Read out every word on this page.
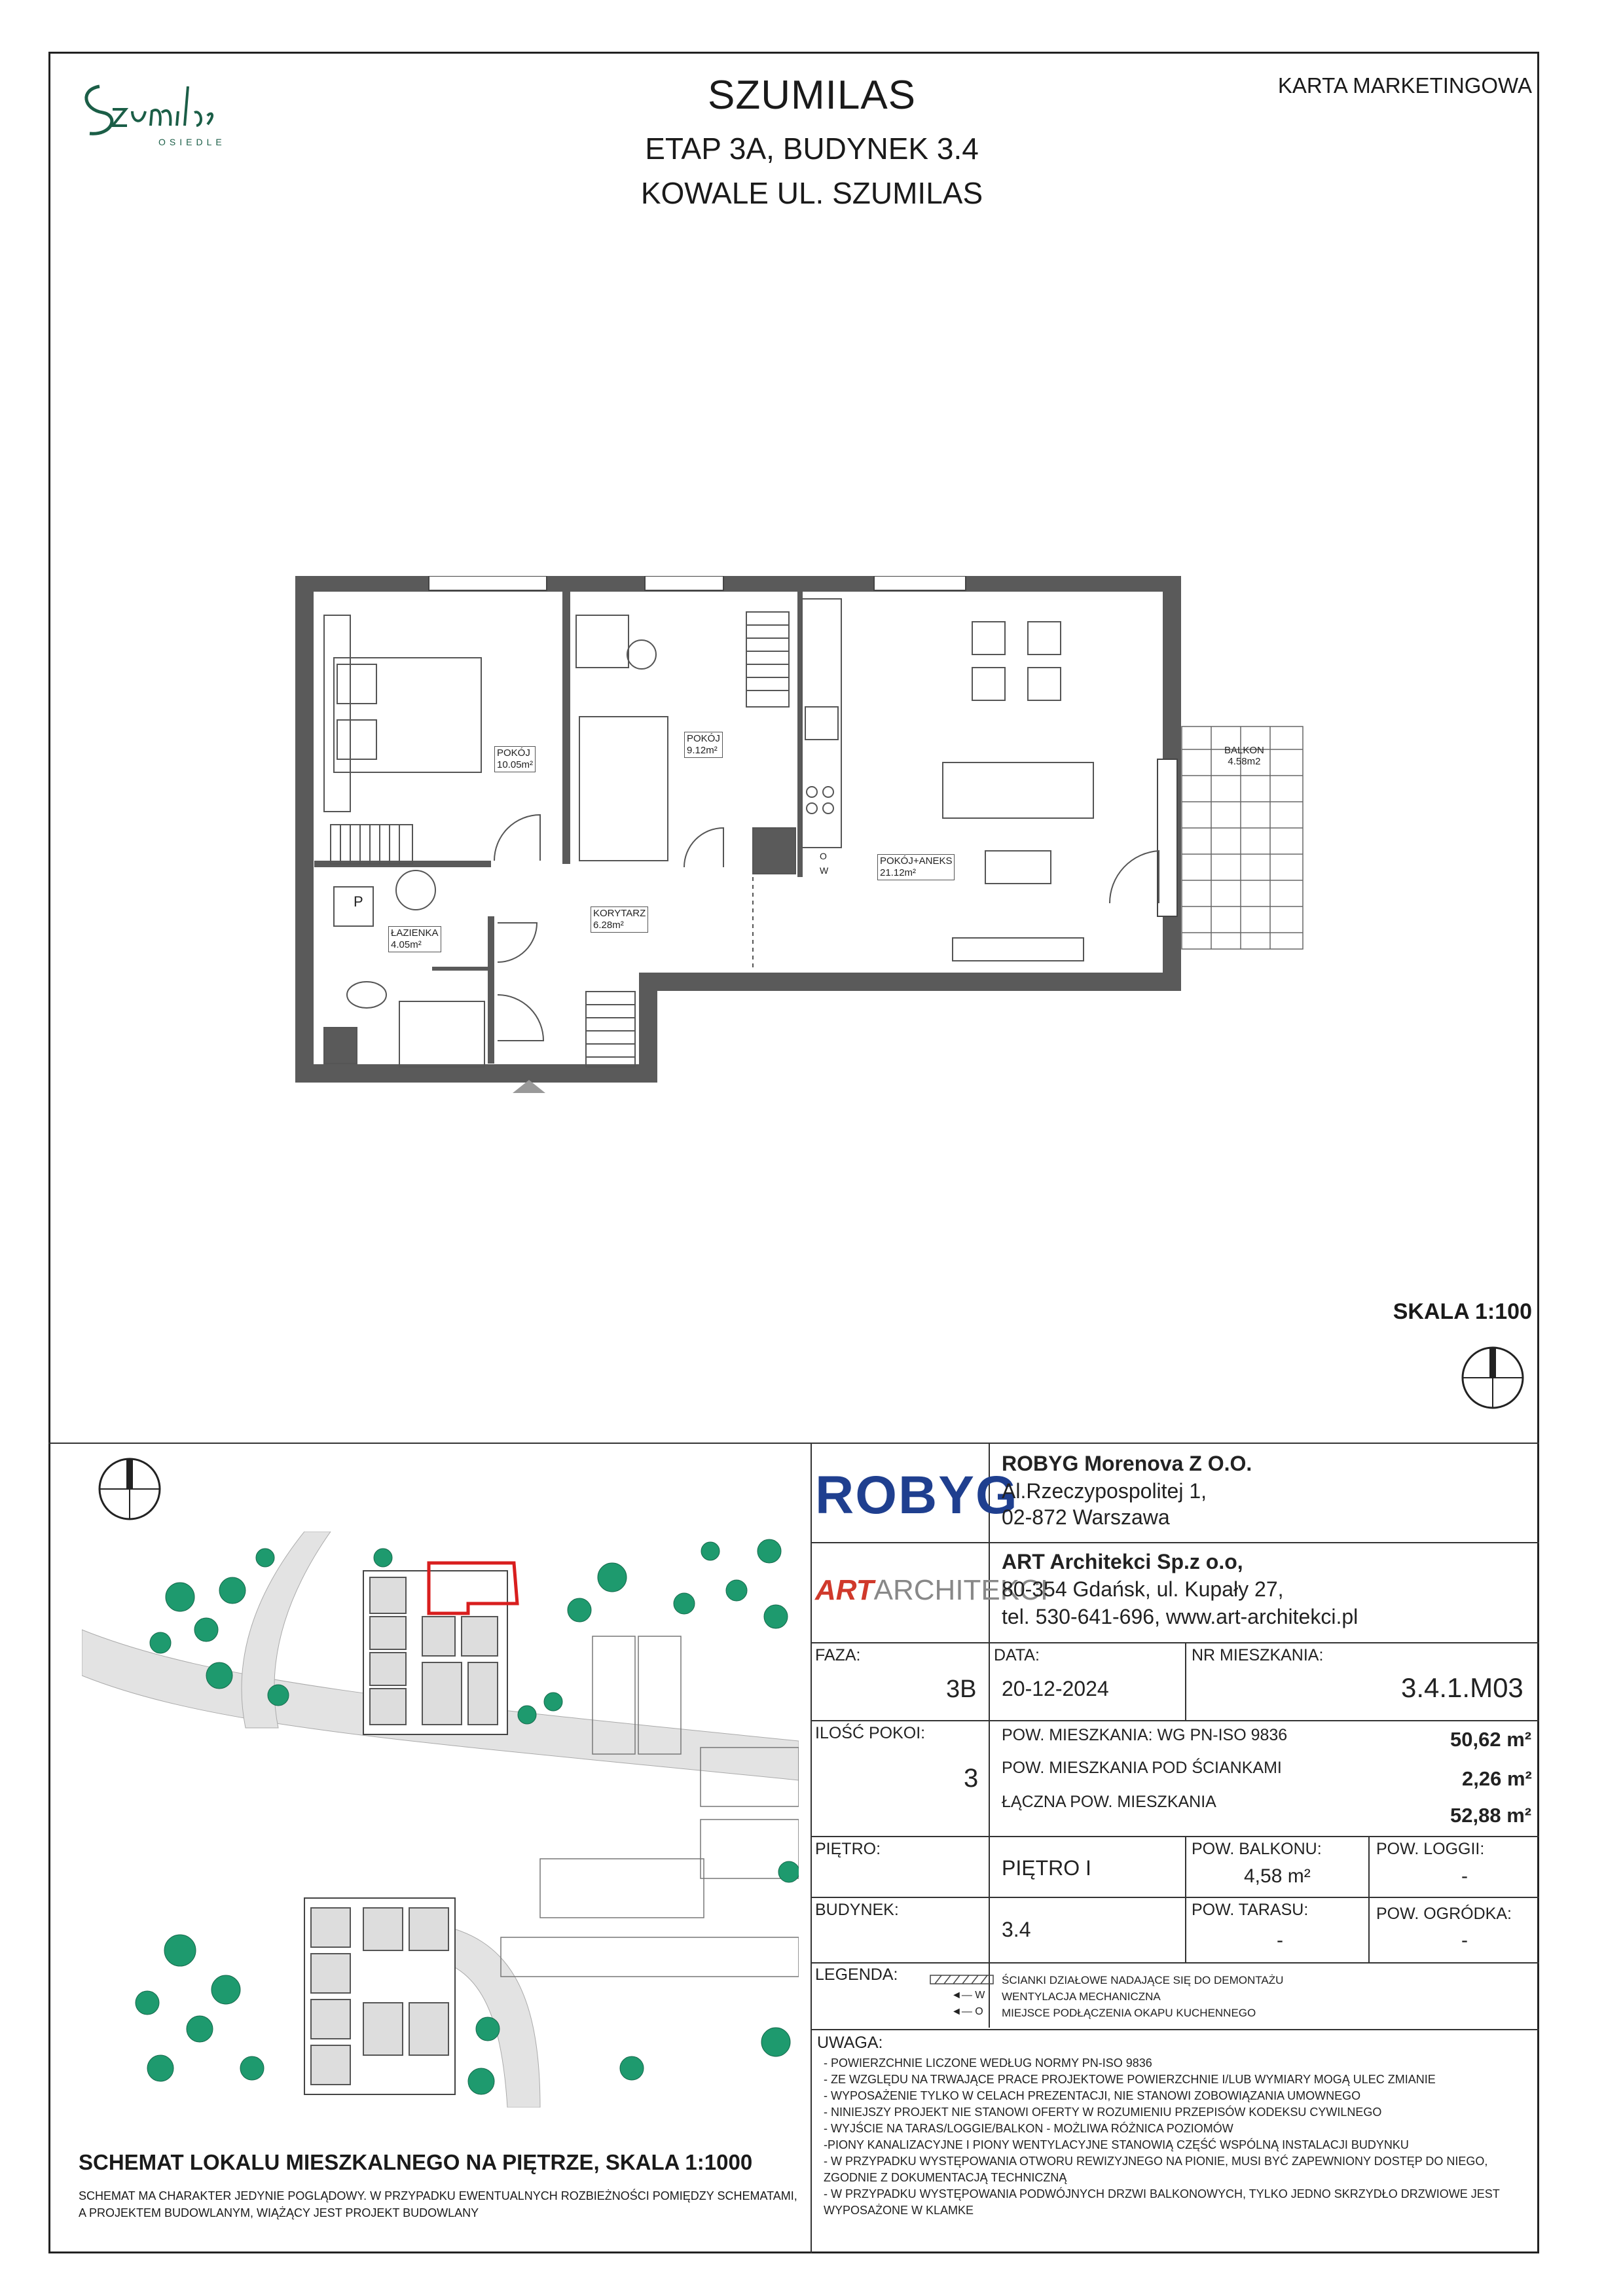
OSIEDLE
SZUMILAS
ETAP 3A, BUDYNEK 3.4
KOWALE UL. SZUMILAS
KARTA MARKETINGOWA
POKÓJ
10.05m²
POKÓJ
9.12m²
POKÓJ+ANEKS
21.12m²
ŁAZIENKA
4.05m²
KORYTARZ
6.28m²
BALKON
4.58m2
P
O
W
SKALA 1:100
SCHEMAT LOKALU MIESZKALNEGO NA PIĘTRZE, SKALA 1:1000
SCHEMAT MA CHARAKTER JEDYNIE POGLĄDOWY. W PRZYPADKU EWENTUALNYCH ROZBIEŻNOŚCI POMIĘDZY SCHEMATAMI, A PROJEKTEM BUDOWLANYM, WIĄŻĄCY JEST PROJEKT BUDOWLANY
ROBYG
ROBYG Morenova Z O.O.
Al.Rzeczypospolitej 1,
02-872 Warszawa
ARTARCHITEKCI
ART Architekci Sp.z o.o,
80-354 Gdańsk, ul. Kupały 27,
tel. 530-641-696, www.art-architekci.pl
FAZA:
3B
DATA:
20-12-2024
NR MIESZKANIA:
3.4.1.M03
ILOŚĆ POKOI:
3
POW. MIESZKANIA: WG PN-ISO 9836	50,62 m²
POW. MIESZKANIA POD ŚCIANKAMI	2,26 m²
ŁĄCZNA POW. MIESZKANIA
52,88 m²
PIĘTRO:
PIĘTRO I
POW. BALKONU:
4,58 m²
POW. LOGGII:
-
BUDYNEK:
3.4
POW. TARASU:
-
POW. OGRÓDKA:
-
LEGENDA:	ŚCIANKI DZIAŁOWE NADAJĄCE SIĘ DO DEMONTAŻU
◄— W WENTYLACJA MECHANICZNA
◄— O MIEJSCE PODŁĄCZENIA OKAPU KUCHENNEGO
UWAGA:
- POWIERZCHNIE LICZONE WEDŁUG NORMY PN-ISO 9836
- ZE WZGLĘDU NA TRWAJĄCE PRACE PROJEKTOWE POWIERZCHNIE I/LUB WYMIARY MOGĄ ULEC ZMIANIE
- WYPOSAŻENIE TYLKO W CELACH PREZENTACJI, NIE STANOWI ZOBOWIĄZANIA UMOWNEGO
- NINIEJSZY PROJEKT NIE STANOWI OFERTY W ROZUMIENIU PRZEPISÓW KODEKSU CYWILNEGO
- WYJŚCIE NA TARAS/LOGGIE/BALKON - MOŻLIWA RÓŻNICA POZIOMÓW
-PIONY KANALIZACYJNE I PIONY WENTYLACYJNE STANOWIĄ CZĘŚĆ WSPÓLNĄ INSTALACJI BUDYNKU
- W PRZYPADKU WYSTĘPOWANIA OTWORU REWIZYJNEGO NA PIONIE, MUSI BYĆ ZAPEWNIONY DOSTĘP DO NIEGO, ZGODNIE Z DOKUMENTACJĄ TECHNICZNĄ
- W PRZYPADKU WYSTĘPOWANIA PODWÓJNYCH DRZWI BALKONOWYCH, TYLKO JEDNO SKRZYDŁO DRZWIOWE JEST WYPOSAŻONE W KLAMKE
